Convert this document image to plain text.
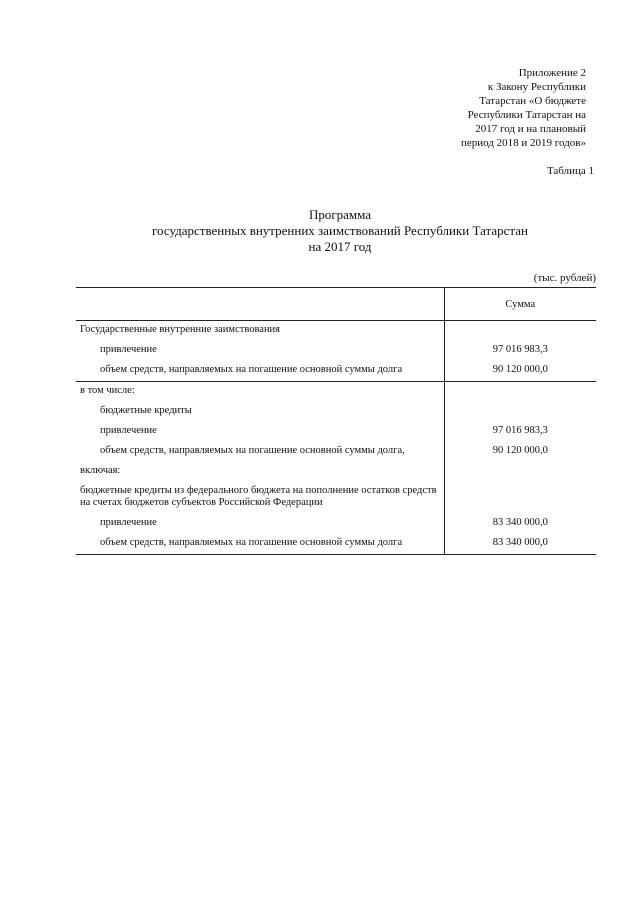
Приложение 2
к Закону Республики
Татарстан «О бюджете
Республики Татарстан на
2017 год и на плановый
период 2018 и 2019 годов»
Таблица 1
Программа
государственных внутренних заимствований Республики Татарстан
на 2017 год
(тыс. рублей)
	Сумма
Государственные внутренние заимствования	
привлечение	97 016 983,3
объем средств, направляемых на погашение основной суммы долга	90 120 000,0
в том числе:	
бюджетные кредиты	
привлечение	97 016 983,3
объем средств, направляемых на погашение основной суммы долга,	90 120 000,0
включая:	
бюджетные кредиты из федерального бюджета на пополнение остатков средств на счетах бюджетов субъектов Российской Федерации	
привлечение	83 340 000,0
объем средств, направляемых на погашение основной суммы долга	83 340 000,0
